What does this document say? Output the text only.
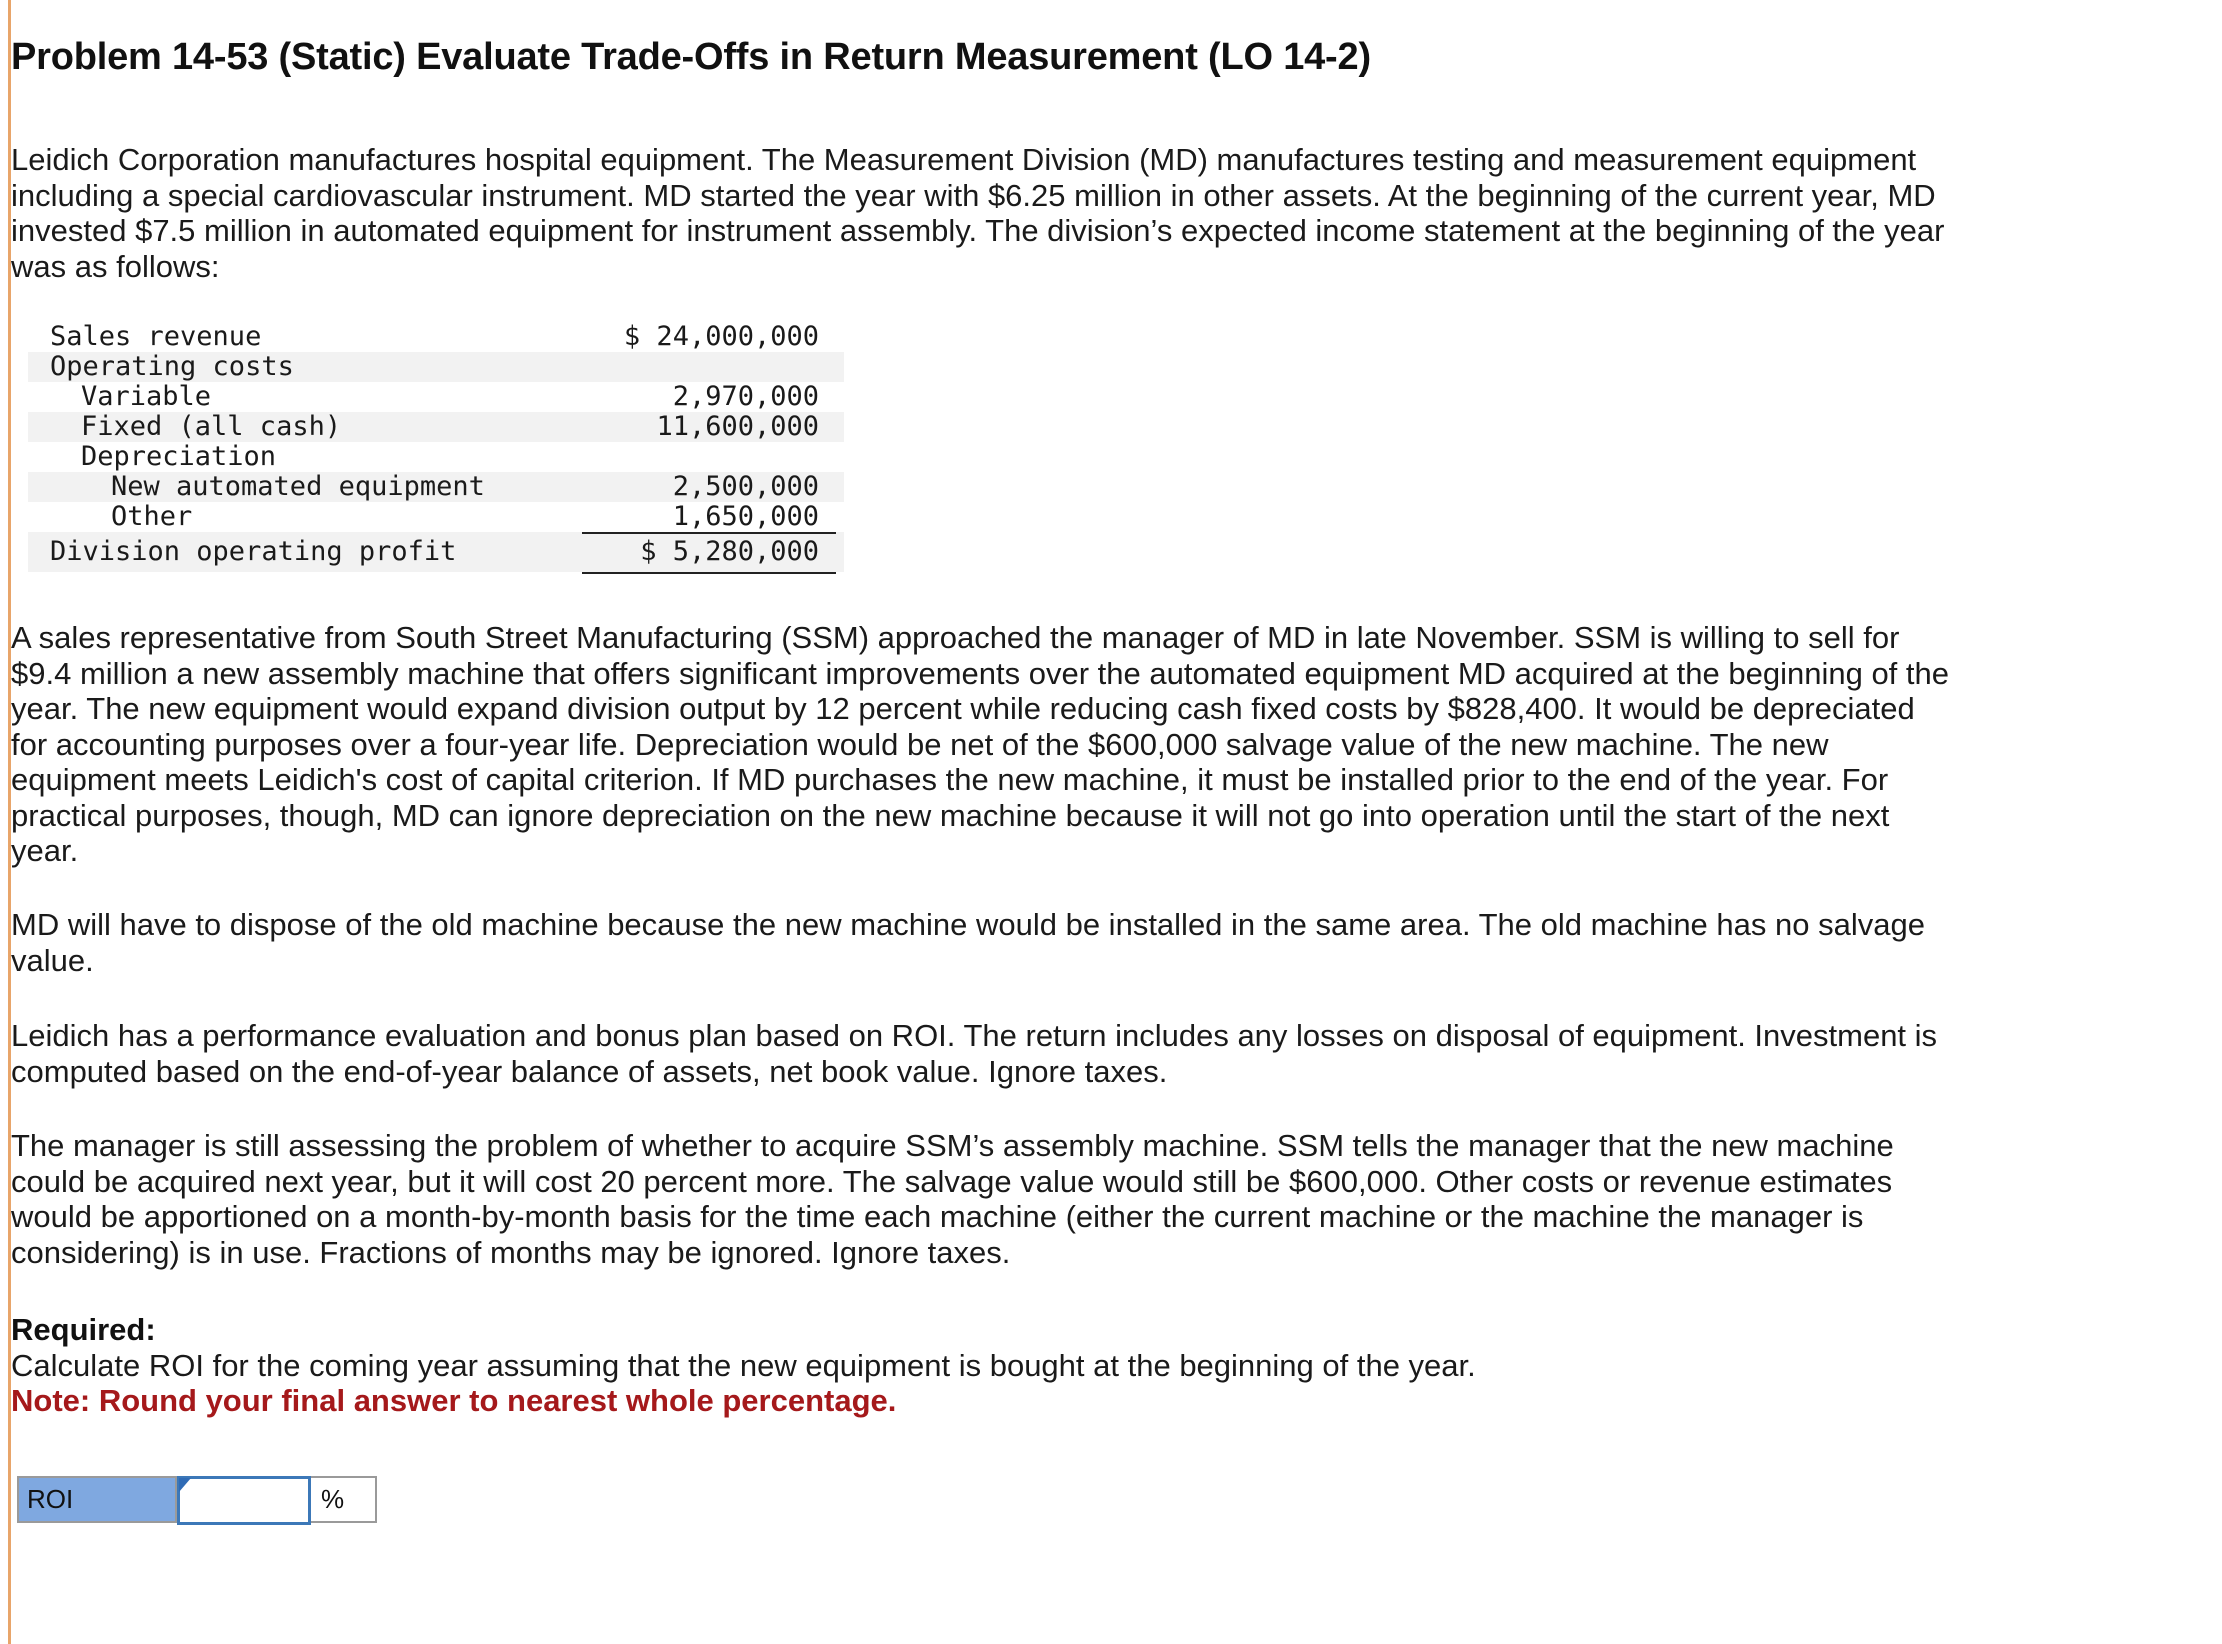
Problem 14-53 (Static) Evaluate Trade-Offs in Return Measurement (LO 14-2)

Leidich Corporation manufactures hospital equipment. The Measurement Division (MD) manufactures testing and measurement equipment including a special cardiovascular instrument. MD started the year with $6.25 million in other assets. At the beginning of the current year, MD invested $7.5 million in automated equipment for instrument assembly. The division’s expected income statement at the beginning of the year was as follows:

Sales revenue	$ 24,000,000
Operating costs
Variable	2,970,000
Fixed (all cash)	11,600,000
Depreciation
New automated equipment	2,500,000
Other	1,650,000
Division operating profit	$ 5,280,000

A sales representative from South Street Manufacturing (SSM) approached the manager of MD in late November. SSM is willing to sell for $9.4 million a new assembly machine that offers significant improvements over the automated equipment MD acquired at the beginning of the year. The new equipment would expand division output by 12 percent while reducing cash fixed costs by $828,400. It would be depreciated for accounting purposes over a four-year life. Depreciation would be net of the $600,000 salvage value of the new machine. The new equipment meets Leidich's cost of capital criterion. If MD purchases the new machine, it must be installed prior to the end of the year. For practical purposes, though, MD can ignore depreciation on the new machine because it will not go into operation until the start of the next year.

MD will have to dispose of the old machine because the new machine would be installed in the same area. The old machine has no salvage value.

Leidich has a performance evaluation and bonus plan based on ROI. The return includes any losses on disposal of equipment. Investment is computed based on the end-of-year balance of assets, net book value. Ignore taxes.

The manager is still assessing the problem of whether to acquire SSM’s assembly machine. SSM tells the manager that the new machine could be acquired next year, but it will cost 20 percent more. The salvage value would still be $600,000. Other costs or revenue estimates would be apportioned on a month-by-month basis for the time each machine (either the current machine or the machine the manager is considering) is in use. Fractions of months may be ignored. Ignore taxes.

Required:
Calculate ROI for the coming year assuming that the new equipment is bought at the beginning of the year.
Note: Round your final answer to nearest whole percentage.
ROI	%
